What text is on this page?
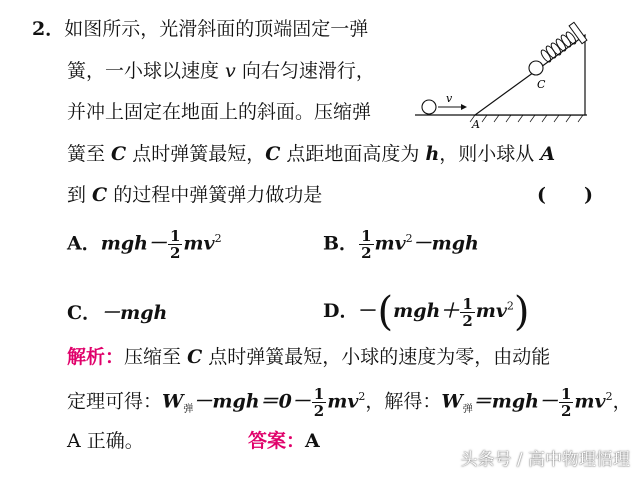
v
A
C
2．如图所示，光滑斜面的顶端固定一弹
簧，一小球以速度 v 向右匀速滑行，
并冲上固定在地面上的斜面。压缩弹
簧至 C 点时弹簧最短，C 点距地面高度为 h，则小球从 A
到 C 的过程中弹簧弹力做功是	(　　)
A．$mgh- \frac{1}{2} mv^2$	B． $\frac{1}{2} mv^2-mgh$
C．－mgh	D．$-(mgh+ \frac{1}{2} mv^2)$
解析：压缩至 C 点时弹簧最短，小球的速度为零，由动能
定理可得：$W_弹-mgh=0- \frac{1}{2} mv^2$，解得：$W_弹=mgh- \frac{1}{2} mv^2$，
A 正确。	答案：A
头条号 / 高中物理悟理
